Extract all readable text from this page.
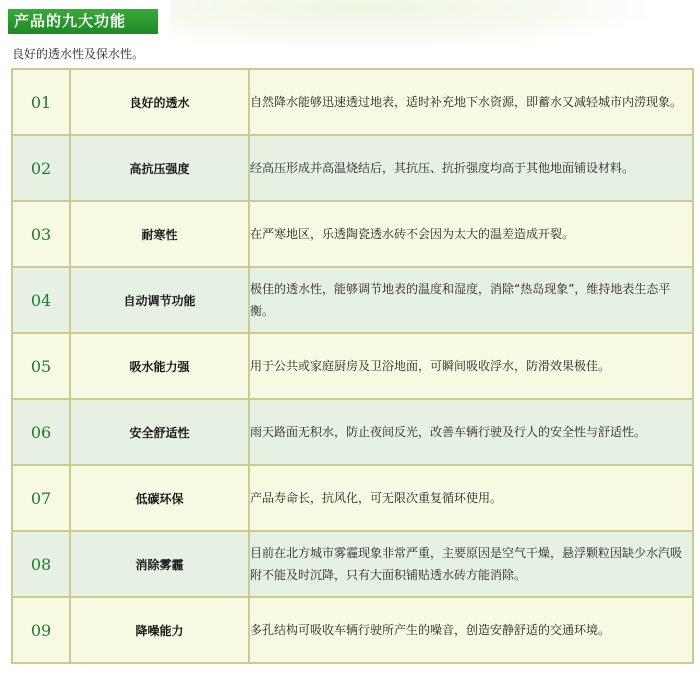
产品的九大功能
良好的透水性及保水性。
01	良好的透水	自然降水能够迅速透过地表，适时补充地下水资源，即蓄水又减轻城市内涝现象。
02	高抗压强度	经高压形成并高温烧结后，其抗压、抗折强度均高于其他地面铺设材料。
03	耐寒性	在严寒地区，乐透陶瓷透水砖不会因为太大的温差造成开裂。
04	自动调节功能	极佳的透水性，能够调节地表的温度和湿度，消除“热岛现象”，维持地表生态平衡。
05	吸水能力强	用于公共或家庭厨房及卫浴地面，可瞬间吸收浮水，防滑效果极佳。
06	安全舒适性	雨天路面无积水，防止夜间反光，改善车辆行驶及行人的安全性与舒适性。
07	低碳环保	产品寿命长，抗风化，可无限次重复循环使用。
08	消除雾霾	目前在北方城市雾霾现象非常严重，主要原因是空气干燥，悬浮颗粒因缺少水汽吸附不能及时沉降，只有大面积铺贴透水砖方能消除。
09	降噪能力	多孔结构可吸收车辆行驶所产生的噪音，创造安静舒适的交通环境。
